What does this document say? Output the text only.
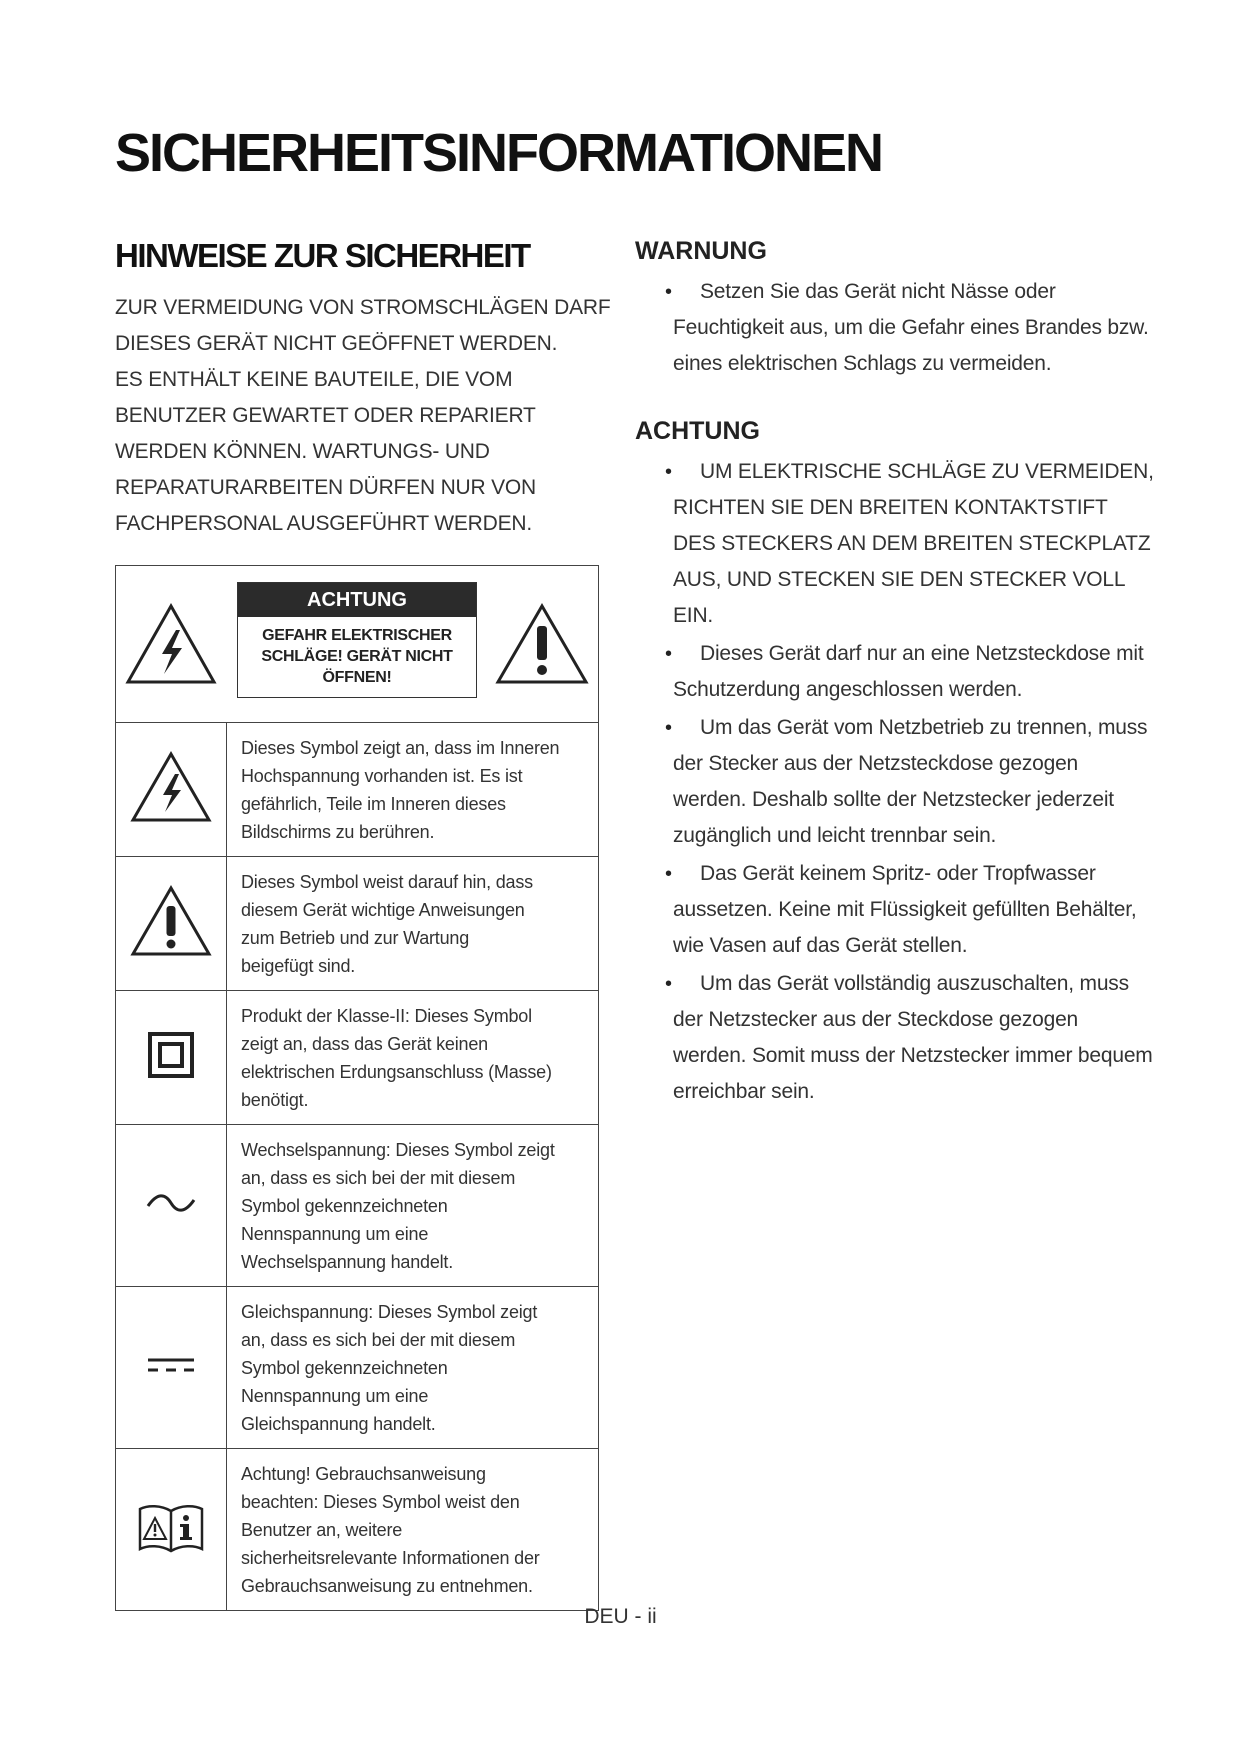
SICHERHEITSINFORMATIONEN
HINWEISE ZUR SICHERHEIT

ZUR VERMEIDUNG VON STROMSCHLÄGEN DARF
DIESES GERÄT NICHT GEÖFFNET WERDEN.
ES ENTHÄLT KEINE BAUTEILE, DIE VOM
BENUTZER GEWARTET ODER REPARIERT
WERDEN KÖNNEN. WARTUNGS- UND
REPARATURARBEITEN DÜRFEN NUR VON
FACHPERSONAL AUSGEFÜHRT WERDEN.

ACHTUNG
GEFAHR ELEKTRISCHER
SCHLÄGE! GERÄT NICHT
ÖFFNEN!
Dieses Symbol zeigt an, dass im Inneren
Hochspannung vorhanden ist. Es ist
gefährlich, Teile im Inneren dieses
Bildschirms zu berühren.
Dieses Symbol weist darauf hin, dass
diesem Gerät wichtige Anweisungen
zum Betrieb und zur Wartung
beigefügt sind.
Produkt der Klasse-II: Dieses Symbol
zeigt an, dass das Gerät keinen
elektrischen Erdungsanschluss (Masse)
benötigt.
Wechselspannung: Dieses Symbol zeigt
an, dass es sich bei der mit diesem
Symbol gekennzeichneten
Nennspannung um eine
Wechselspannung handelt.
Gleichspannung: Dieses Symbol zeigt
an, dass es sich bei der mit diesem
Symbol gekennzeichneten
Nennspannung um eine
Gleichspannung handelt.
Achtung! Gebrauchsanweisung
beachten: Dieses Symbol weist den
Benutzer an, weitere
sicherheitsrelevante Informationen der
Gebrauchsanweisung zu entnehmen.
WARNUNG
•	Setzen Sie das Gerät nicht Nässe oder Feuchtigkeit aus, um die Gefahr eines Brandes bzw. eines elektrischen Schlags zu vermeiden.
ACHTUNG
•	UM ELEKTRISCHE SCHLÄGE ZU VERMEIDEN, RICHTEN SIE DEN BREITEN KONTAKTSTIFT DES STECKERS AN DEM BREITEN STECKPLATZ AUS, UND STECKEN SIE DEN STECKER VOLL EIN.
•	Dieses Gerät darf nur an eine Netzsteckdose mit Schutzerdung angeschlossen werden.
•	Um das Gerät vom Netzbetrieb zu trennen, muss der Stecker aus der Netzsteckdose gezogen werden. Deshalb sollte der Netzstecker jederzeit zugänglich und leicht trennbar sein.
•	Das Gerät keinem Spritz- oder Tropfwasser aussetzen. Keine mit Flüssigkeit gefüllten Behälter, wie Vasen auf das Gerät stellen.
•	Um das Gerät vollständig auszuschalten, muss der Netzstecker aus der Steckdose gezogen werden. Somit muss der Netzstecker immer bequem erreichbar sein.
DEU - ii
